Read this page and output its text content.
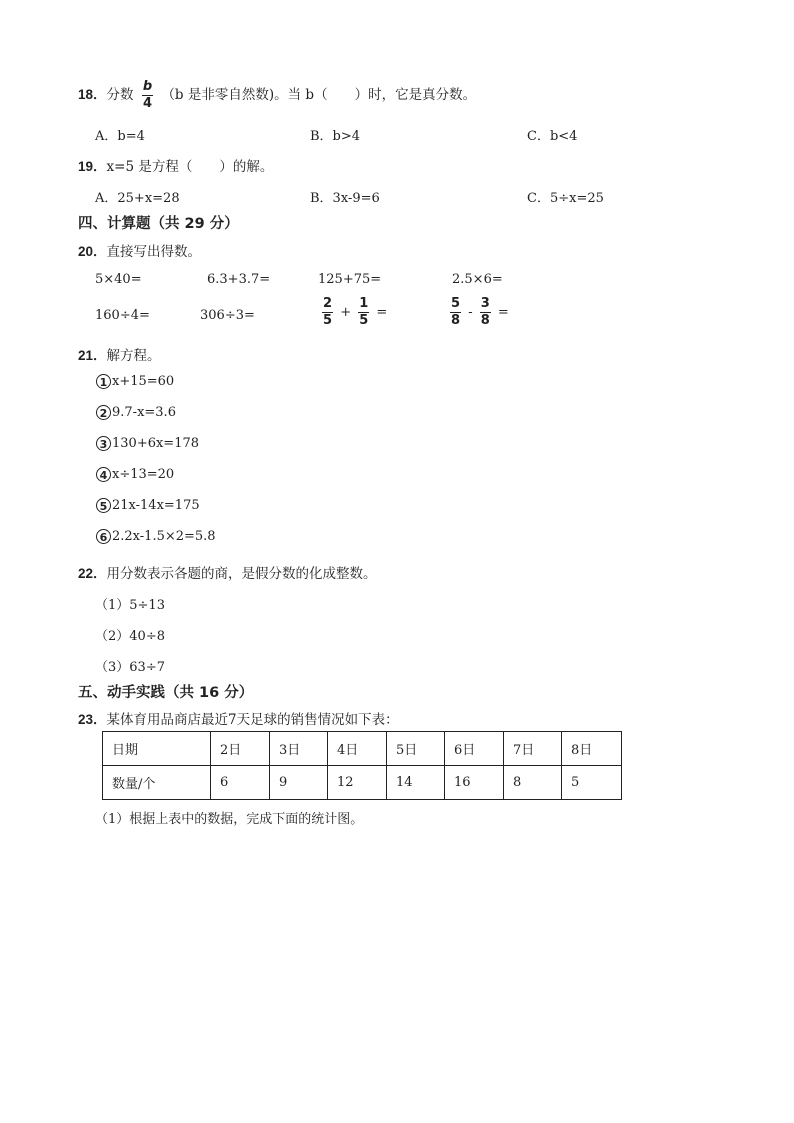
18．分数 $\frac{b}{4} (b$ 是非零自然数)。当 b（　　）时，它是真分数。
A．b=4	B．b>4	C．b<4
19．x=5 是方程（　　）的解。
A．25+x=28	B．3x-9=6	C．5÷x=25
四、计算题（共 29 分）
20．直接写出得数。
5×40=	6.3+3.7=	125+75=	2.5×6=
160÷4=	306÷3=	$\frac{2}{5} + \frac{1}{5}$ =	$\frac{5}{8} - \frac{3}{8}$ =
21．解方程。
1 x+15=60
2 9.7-x=3.6
3 130+6x=178
4 x÷13=20
5 21x-14x=175
6 2.2x-1.5×2=5.8
22．用分数表示各题的商，是假分数的化成整数。
（1）5÷13
（2）40÷8
（3）63÷7
五、动手实践（共 16 分）
23．某体育用品商店最近7天足球的销售情况如下表：
日期	2日	3日	4日	5日	6日	7日	8日
数量/个	6	9	12	14	16	8	5
（1）根据上表中的数据，完成下面的统计图。
